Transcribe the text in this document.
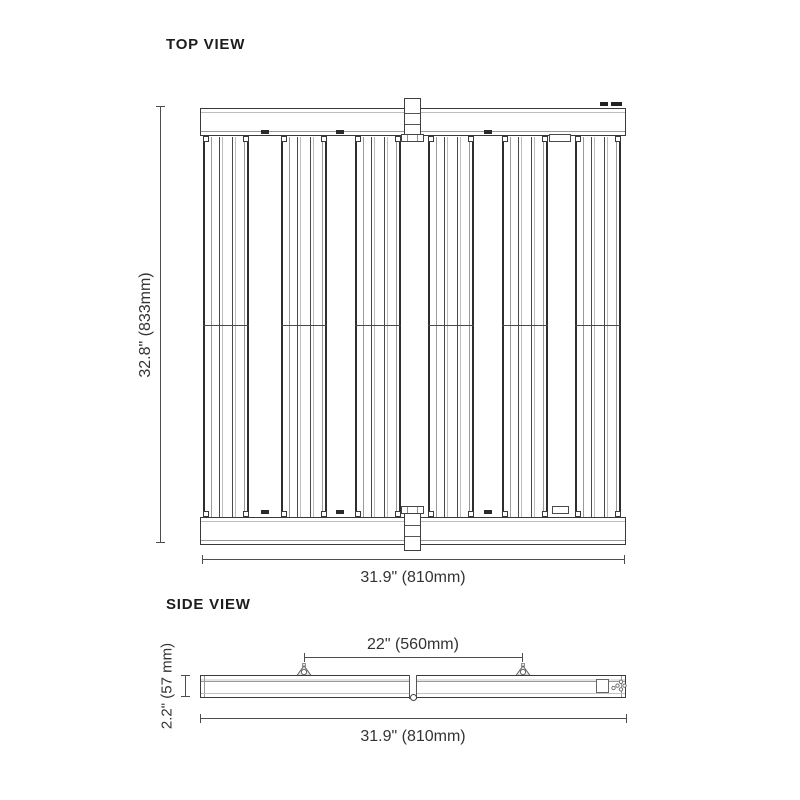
TOP VIEW
32.8" (833mm)
31.9" (810mm)
SIDE VIEW
22" (560mm)
2.2" (57 mm)
31.9" (810mm)
